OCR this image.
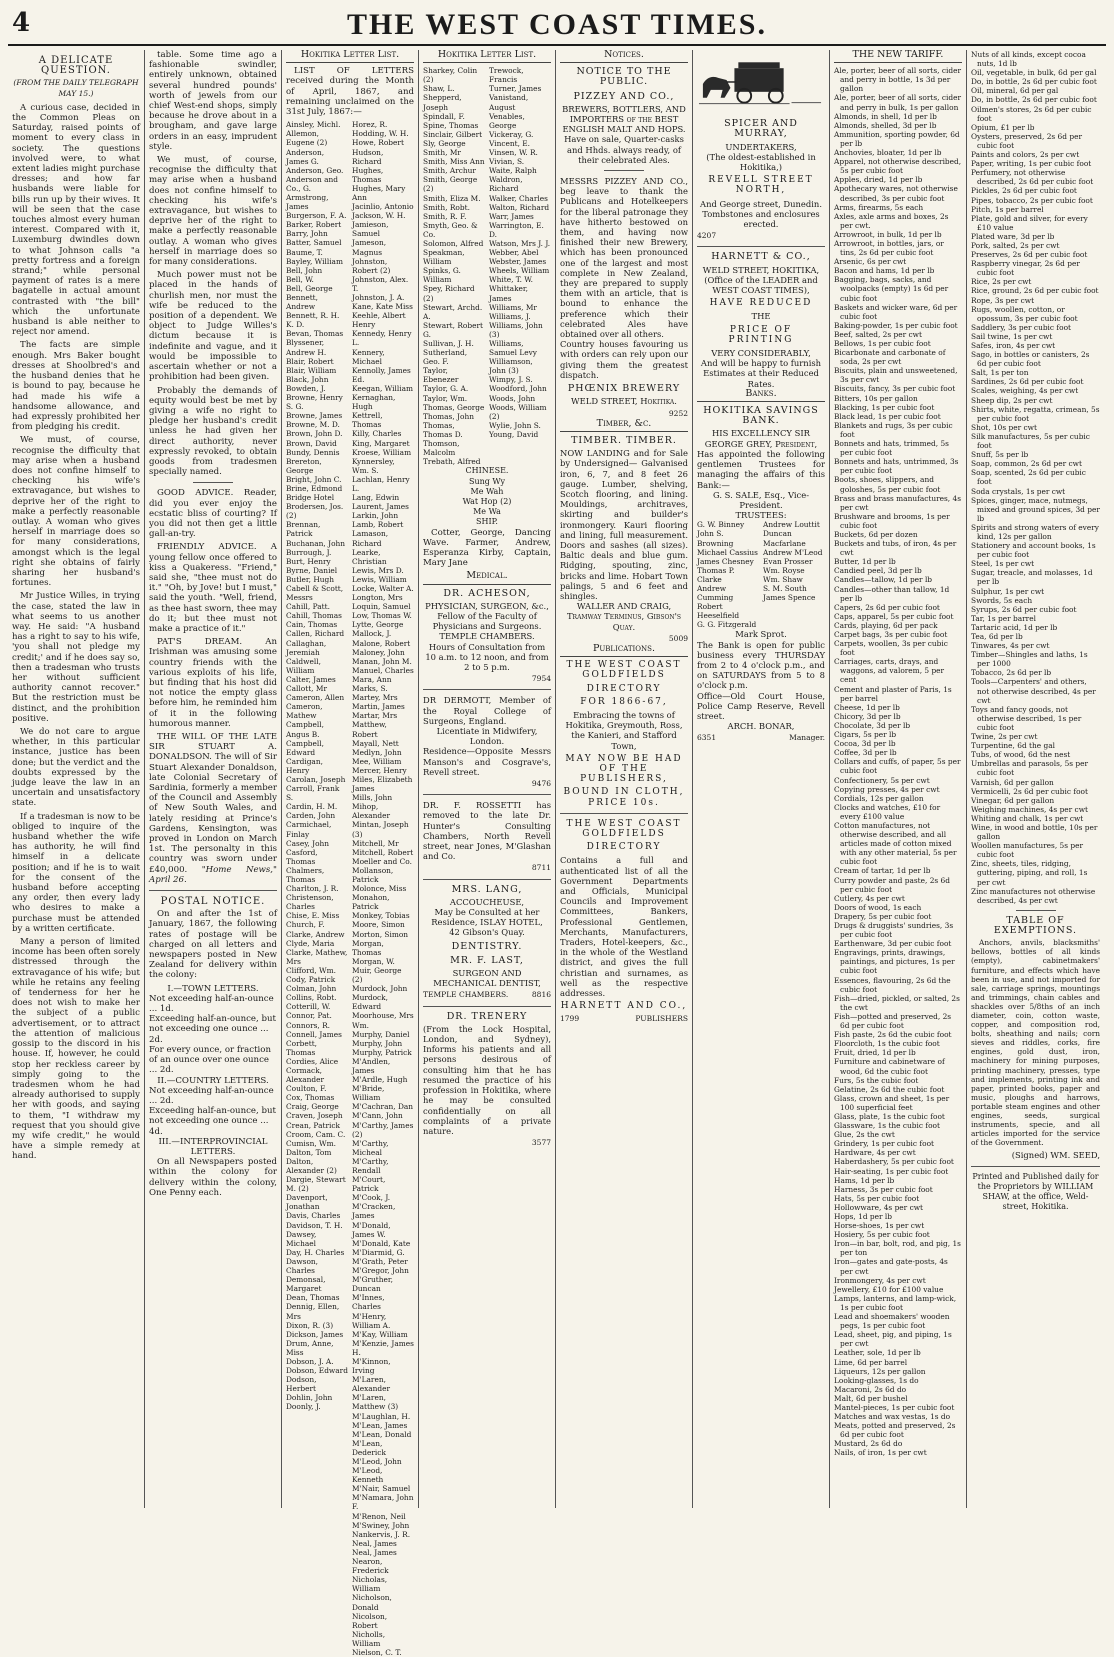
4	THE WEST COAST TIMES.
A DELICATE QUESTION.
(FROM THE DAILY TELEGRAPH MAY 15.)

A curious case, decided in the Common Pleas on Saturday, raised points of moment to every class in society. The questions involved were, to what extent ladies might purchase dresses; and how far husbands were liable for bills run up by their wives. It will be seen that the case touches almost every human interest. Compared with it, Luxemburg dwindles down to what Johnson calls "a pretty fortress and a foreign strand;" while personal payment of rates is a mere bagatelle in actual amount contrasted with "the bill" which the unfortunate husband is able neither to reject nor amend.

The facts are simple enough. Mrs Baker bought dresses at Shoolbred's and the husband denies that he is bound to pay, because he had made his wife a handsome allowance, and had expressly prohibited her from pledging his credit.

We must, of course, recognise the difficulty that may arise when a husband does not confine himself to checking his wife's extravagance, but wishes to deprive her of the right to make a perfectly reasonable outlay. A woman who gives herself in marriage does so for many considerations, amongst which is the legal right she obtains of fairly sharing her husband's fortunes.

Mr Justice Willes, in trying the case, stated the law in what seems to us another way. He said: "A husband has a right to say to his wife, 'you shall not pledge my credit;' and if he does say so, then a tradesman who trusts her without sufficient authority cannot recover." But the restriction must be distinct, and the prohibition positive.

We do not care to argue whether, in this particular instance, justice has been done; but the verdict and the doubts expressed by the judge leave the law in an uncertain and unsatisfactory state.

If a tradesman is now to be obliged to inquire of the husband whether the wife has authority, he will find himself in a delicate position; and if he is to wait for the consent of the husband before accepting any order, then every lady who desires to make a purchase must be attended by a written certificate.

Many a person of limited income has been often sorely distressed through the extravagance of his wife; but while he retains any feeling of tenderness for her he does not wish to make her the subject of a public advertisement, or to attract the attention of malicious gossip to the discord in his house. If, however, he could stop her reckless career by simply going to the tradesmen whom he had already authorised to supply her with goods, and saying to them, "I withdraw my request that you should give my wife credit," he would have a simple remedy at hand.

table. Some time ago a fashionable swindler, entirely unknown, obtained several hundred pounds' worth of jewels from our chief West-end shops, simply because he drove about in a brougham, and gave large orders in an easy, imprudent style.

We must, of course, recognise the difficulty that may arise when a husband does not confine himself to checking his wife's extravagance, but wishes to deprive her of the right to make a perfectly reasonable outlay. A woman who gives herself in marriage does so for many considerations.

Much power must not be placed in the hands of churlish men, nor must the wife be reduced to the position of a dependent. We object to Judge Willes's dictum because it is indefinite and vague, and it would be impossible to ascertain whether or not a prohibition had been given.

Probably the demands of equity would best be met by giving a wife no right to pledge her husband's credit unless he had given her direct authority, never expressly revoked, to obtain goods from tradesmen specially named.

GOOD ADVICE. Reader, did you ever enjoy the ecstatic bliss of courting? If you did not then get a little gall-an-try.

FRIENDLY ADVICE. A young fellow once offered to kiss a Quakeress. "Friend," said she, "thee must not do it." "Oh, by Jove! but I must," said the youth. "Well, friend, as thee hast sworn, thee may do it; but thee must not make a practice of it."

PAT'S DREAM.	An Irishman was amusing some country friends with the various exploits of his life, but finding that his host did not notice the empty glass before him, he reminded him of it in the following humorous manner.

THE WILL OF THE LATE SIR STUART A. DONALDSON. The will of Sir Stuart Alexander Donaldson, late Colonial Secretary of Sardinia, formerly a member of the Council and Assembly of New South Wales, and lately residing at Prince's Gardens, Kensington, was proved in London on March 1st. The personalty in this country was sworn under £40,000. "Home News," April 26.

POSTAL NOTICE.

On and after the 1st of January, 1867, the following rates of postage will be charged on all letters and newspapers posted in New Zealand for delivery within the colony:

I.—TOWN LETTERS.
Not exceeding half-an-ounce ... 1d.
Exceeding half-an-ounce, but not exceeding one ounce ... 2d.
For every ounce, or fraction of an ounce over one ounce ... 2d.
II.—COUNTRY LETTERS.
Not exceeding half-an-ounce ... 2d.
Exceeding half-an-ounce, but not exceeding one ounce ... 4d.
III.—INTERPROVINCIAL LETTERS.

On all Newspapers posted within the colony for delivery within the colony, One Penny each.

Hokitika Letter List.

LIST OF LETTERS received during the Month of April, 1867, and remaining unclaimed on the 31st July, 1867:—

Ainsley, Michl.
Allemon, Eugene (2)
Anderson, James G.
Anderson, Geo.
Anderson and Co., G.
Armstrong, James
Burgerson, F. A.
Barker, Robert
Barry, John
Batter, Samuel
Baume, T.
Bayley, William
Bell, John
Bell, W.
Bell, George
Bennett, Andrew
Bennett, R. H. K. D.
Bevan, Thomas
Blyssener, Andrew H.
Blair, Robert
Blair, William
Black, John
Bowden, J.
Browne, Henry S. G.
Browne, James
Browne, M. D.
Brown, John D.
Brown, David
Bundy, Dennis
Brereton, George
Bright, John C.
Brine, Edmond
Bridge Hotel
Brodersen, Jos. (2)
Brennan, Patrick
Buchanan, John
Burrough, J.
Burt, Henry
Byrne, Daniel
Butler, Hugh
Cabell & Scott, Messrs
Cahill, Patt.
Cahill, Thomas
Cain, Thomas
Callen, Richard
Callaghan, Jeremiah
Caldwell, William
Calter, James
Callott, Mr
Cameron, Allen
Cameron, Mathew
Campbell, Angus B.
Campbell, Edward
Cardigan, Henry
Carolan, Joseph
Carroll, Frank S.
Cardin, H. M.
Carden, John
Carmichael, Finlay
Casey, John
Casford, Thomas
Chalmers, Thomas
Charlton, J. R.
Christenson, Charles
Chise, E. Miss
Church, F.
Clarke, Andrew
Clyde, Maria
Clarke, Mathew, Mrs
Clifford, Wm.
Cody, Patrick
Colman, John
Collins, Robt.
Cotterill, W.
Connor, Pat.
Connors, R.
Connell, James
Corbett, Thomas
Cordies, Alice
Cormack, Alexander
Coulton, F.
Cox, Thomas
Craig, George
Craven, Joseph
Crean, Patrick
Croom, Cam. C.
Cumisn, Wm.
Dalton, Tom
Dalton, Alexander (2)
Dargie, Stewart M. (2)
Davenport, Jonathan
Davis, Charles
Davidson, T. H.
Dawsey, Michael
Day, H. Charles
Dawson, Charles
Demonsal, Margaret
Dean, Thomas
Dennig, Ellen, Mrs
Dixon, R. (3)
Dickson, James
Drum, Anne, Miss
Dobson, J. A.
Dobson, Edward
Dodson, Herbert
Dohlin, John
Doonly, J.
Horez, R.
Hodding, W. H.
Howe, Robert
Hudson, Richard
Hughes, Thomas
Hughes, Mary Ann
Jacinlio, Antonio
Jackson, W. H.
Jamieson, Samuel
Jameson, Magnus
Johnston, Robert (2)
Johnston, Alex. T.
Johnston, J. A.
Kane, Kate Miss
Keehle, Albert Henry
Kennedy, Henry L.
Kennery, Michael
Kennolly, James Ed.
Keegan, William
Kernaghan, Hugh
Kettrell, Thomas
Killy, Charles
King, Margaret
Kroese, William
Kynnersley, Wm. S.
Lachlan, Henry L.
Lang, Edwin
Laurent, James
Larkin, John
Lamb, Robert
Lamason, Richard
Learke, Christian
Lewis, Mrs D.
Lewis, William
Locke, Walter A.
Longton, Mrs
Loquin, Samuel
Low, Thomas W.
Lytte, George
Mallock, J.
Malone, Robert
Maloney, John
Manan, John M.
Manuel, Charles
Mara, Ann
Marks, S.
Martey, Mrs
Martin, James
Martar, Mrs
Matthew, Robert
Mayall, Nett
Medlyn, John
Mee, William
Mercer, Henry
Miles, Elizabeth James
Mills, John
Mihop, Alexander
Mintan, Joseph (3)
Mitchell, Mr
Mitchell, Robert
Moeller and Co.
Mollanson, Patrick
Molonce, Miss
Monahon, Patrick
Monkey, Tobias
Moore, Simon
Morton, Simon
Morgan, Thomas
Morgan, W.
Muir, George (2)
Murdock, John
Murdock, Edward
Moorhouse, Mrs Wm.
Murphy, Daniel
Murphy, John
Murphy, Patrick
M'Andlen, James
M'Ardle, Hugh
M'Bride, William
M'Cachran, Dan
M'Cann, John
M'Carthy, James (2)
M'Carthy, Micheal
M'Carthy, Rendall
M'Court, Patrick
M'Cook, J.
M'Cracken, James
M'Donald, James W.
M'Donald, Kate
M'Diarmid, G.
M'Grath, Peter
M'Gregor, John
M'Gruther, Duncan
M'Innes, Charles
M'Henry, William A.
M'Kay, William
M'Kenzie, James H.
M'Kinnon, Irving
M'Laren, Alexander
M'Laren, Matthew (3)
M'Laughlan, H.
M'Lean, James
M'Lean, Donald
M'Lean, Dederick
M'Leod, John
M'Leod, Kenneth
M'Nair, Samuel
M'Namara, John F.
M'Renon, Neil
M'Swiney, John
Nankervis, J. R.
Neal, James
Neal, James
Nearon, Frederick
Nicholas, William
Nicholson, Donald
Nicolson, Robert
Nicholls, William
Nielson, C. T.
Hokitika Letter List.
Sharkey, Colin (2)
Shaw, L.
Shepperd, Joseph
Spindall, F.
Spine, Thomas
Sinclair, Gilbert
Sly, George
Smith, Mr
Smith, Miss Ann
Smith, Archur
Smith, George (2)
Smith, Eliza M.
Smith, Robt.
Smith, R. F.
Smyth, Geo. & Co.
Solomon, Alfred
Speakman, William
Spinks, G. William
Spey, Richard (2)
Stewart, Archd. A.
Stewart, Robert G.
Sullivan, J. H.
Sutherland, Geo. F.
Taylor, Ebenezer
Taylor, G. A.
Taylor, Wm.
Thomas, George
Thomas, John
Thomas, Thomas D.
Thomson, Malcolm
Trebath, Alfred
Trewock, Francis
Turner, James
Vanistand, August
Venables, George
Vickeray, G.
Vincent, E.
Vinsen, W. R.
Vivian, S.
Waite, Ralph
Waldron, Richard
Walker, Charles
Walton, Richard
Warr, James
Warrington, E. D.
Watson, Mrs J. J.
Webber, Abel
Webster, James
Wheels, William
White, T. W.
Whittaker, James
Williams, Mr
Williams, J.
Williams, John (3)
Williams, Samuel Levy
Williamson, John (3)
Wimpy, J. S.
Woodford, John
Woods, John
Woods, William (2)
Wylie, John S.
Young, David
CHINESE.
Sung Wy
Me Wah
Wat Hop (2)
Me Wa
SHIP.

Cotter, George, Dancing Wave. Farmer, Andrew, Esperanza Kirby, Captain, Mary Jane

Medical.
DR. ACHESON,
PHYSICIAN, SURGEON, &c.,
Fellow of the Faculty of Physicians and Surgeons.
TEMPLE CHAMBERS.
Hours of Consultation from 10 a.m. to 12 noon, and from 2 to 5 p.m.
7954
DR DERMOTT, Member of the Royal College of Surgeons, England.
Licentiate in Midwifery, London.
Residence—Opposite Messrs Manson's and Cosgrave's, Revell street.
9476
DR. F. ROSSETTI has removed to the late Dr. Hunter's Consulting Chambers, North Revell street, near Jones, M'Glashan and Co.
8711
MRS. LANG,
ACCOUCHEUSE,
May be Consulted at her Residence, ISLAY HOTEL,
42 Gibson's Quay.
DENTISTRY.
MR. F. LAST,
SURGEON AND MECHANICAL DENTIST,
TEMPLE CHAMBERS.	8816
DR. TRENERY
(From the Lock Hospital, London, and Sydney), Informs his patients and all persons desirous of consulting him that he has resumed the practice of his profession in Hokitika, where he may be consulted confidentially on all complaints of a private nature.
3577
Notices.
NOTICE TO THE PUBLIC.
PIZZEY AND CO.,
BREWERS, BOTTLERS, AND IMPORTERS of the BEST ENGLISH MALT AND HOPS.
Have on sale, Quarter-casks and Hhds. always ready, of their celebrated Ales.
MESSRS PIZZEY AND CO., beg leave to thank the Publicans and Hotelkeepers for the liberal patronage they have hitherto bestowed on them, and having now finished their new Brewery, which has been pronounced one of the largest and most complete in New Zealand, they are prepared to supply them with an article, that is bound to enhance the preference which their celebrated Ales have obtained over all others.
Country houses favouring us with orders can rely upon our giving them the greatest dispatch.
PHŒNIX BREWERY
WELD STREET, Hokitika.
9252
Timber, &c.
TIMBER. TIMBER.
NOW LANDING and for Sale by Undersigned— Galvanised iron, 6, 7, and 8 feet 26 gauge. Lumber, shelving, Scotch flooring, and lining. Mouldings, architraves, skirting and builder's ironmongery. Kauri flooring and lining, full measurement. Doors and sashes (all sizes). Baltic deals and blue gum. Ridging, spouting, zinc, bricks and lime. Hobart Town palings, 5 and 6 feet and shingles.
WALLER AND CRAIG, Tramway Terminus, Gibson's Quay.
5009
Publications.
THE WEST COAST GOLDFIELDS
DIRECTORY
FOR 1866-67,
Embracing the towns of Hokitika, Greymouth, Ross, the Kanieri, and Stafford Town,
MAY NOW BE HAD OF THE PUBLISHERS,
BOUND IN CLOTH, PRICE 10s.
THE WEST COAST GOLDFIELDS
DIRECTORY
Contains a full and authenticated list of all the Government Departments and Officials, Municipal Councils and Improvement Committees, Bankers, Professional Gentlemen, Merchants, Manufacturers, Traders, Hotel-keepers, &c., in the whole of the Westland district, and gives the full christian and surnames, as well as the respective addresses.
HARNETT AND CO.,
1799	PUBLISHERS
SPICER AND MURRAY,
UNDERTAKERS,
(The oldest-established in Hokitika,)
REVELL STREET NORTH,
And George street, Dunedin.
Tombstones and enclosures erected.
4207
HARNETT & CO.,
WELD STREET, HOKITIKA,
(Office of the LEADER and WEST COAST TIMES),
HAVE REDUCED
THE
PRICE OF PRINTING
VERY CONSIDERABLY,
And will be happy to furnish Estimates at their Reduced Rates.
Banks.
HOKITIKA SAVINGS BANK.
HIS EXCELLENCY SIR GEORGE GREY, President,
Has appointed the following gentlemen Trustees for managing the affairs of this Bank:—
G. S. SALE, Esq., Vice-President.
TRUSTEES:
G. W. Binney
John S. Browning
Michael Cassius
James Chesney
Thomas P. Clarke
Andrew Cumming
Robert Heeselfield
G. G. Fitzgerald
Andrew Louttit
Duncan Macfarlane
Andrew M'Leod
Evan Prosser
Wm. Royse
Wm. Shaw
S. M. South
James Spence
Mark Sprot.
The Bank is open for public business every THURSDAY from 2 to 4 o'clock p.m., and on SATURDAYS from 5 to 8 o'clock p.m.
Office—Old Court House, Police Camp Reserve, Revell street.
ARCH. BONAR,
6351	Manager.
THE NEW TARIFF.
Ale, porter, beer of all sorts, cider and perry in bottle, 1s 3d per gallon
Ale, porter, beer of all sorts, cider and perry in bulk, 1s per gallon
Almonds, in shell, 1d per lb
Almonds, shelled, 3d per lb
Ammunition, sporting powder, 6d per lb
Anchovies, bloater, 1d per lb
Apparel, not otherwise described, 5s per cubic foot
Apples, dried, 1d per lb
Apothecary wares, not otherwise described, 3s per cubic foot
Arms, firearms, 5s each
Axles, axle arms and boxes, 2s per cwt.
Arrowroot, in bulk, 1d per lb
Arrowroot, in bottles, jars, or tins, 2s 6d per cubic foot
Arsenic, 6s per cwt
Bacon and hams, 1d per lb
Bagging, bags, sacks, and woolpacks (empty) 1s 6d per cubic foot
Baskets and wicker ware, 6d per cubic foot
Baking-powder, 1s per cubic foot
Beef, salted, 2s per cwt
Bellows, 1s per cubic foot
Bicarbonate and carbonate of soda, 2s per cwt
Biscuits, plain and unsweetened, 3s per cwt
Biscuits, fancy, 3s per cubic foot
Bitters, 10s per gallon
Blacking, 1s per cubic foot
Black lead, 1s per cubic foot
Blankets and rugs, 3s per cubic foot
Bonnets and hats, trimmed, 5s per cubic foot
Bonnets and hats, untrimmed, 3s per cubic foot
Boots, shoes, slippers, and goloshes, 5s per cubic foot
Brass and brass manufactures, 4s per cwt
Brushware and brooms, 1s per cubic foot
Buckets, 6d per dozen
Buckets and tubs, of iron, 4s per cwt
Butter, 1d per lb
Candied peel, 3d per lb
Candles—tallow, 1d per lb
Candles—other than tallow, 1d per lb
Capers, 2s 6d per cubic foot
Caps, apparel, 5s per cubic foot
Cards, playing, 6d per pack
Carpet bags, 3s per cubic foot
Carpets, woollen, 3s per cubic foot
Carriages, carts, drays, and waggons, ad valorem, 5 per cent
Cement and plaster of Paris, 1s per barrel
Cheese, 1d per lb
Chicory, 3d per lb
Chocolate, 3d per lb
Cigars, 5s per lb
Cocoa, 3d per lb
Coffee, 3d per lb
Collars and cuffs, of paper, 5s per cubic foot
Confectionery, 5s per cwt
Copying presses, 4s per cwt
Cordials, 12s per gallon
Clocks and watches, £10 for every £100 value
Cotton manufactures, not otherwise described, and all articles made of cotton mixed with any other material, 5s per cubic foot
Cream of tartar, 1d per lb
Curry powder and paste, 2s 6d per cubic foot
Cutlery, 4s per cwt
Doors of wood, 1s each
Drapery, 5s per cubic foot
Drugs & druggists' sundries, 3s per cubic foot
Earthenware, 3d per cubic foot
Engravings, prints, drawings, paintings, and pictures, 1s per cubic foot
Essences, flavouring, 2s 6d the cubic foot
Fish—dried, pickled, or salted, 2s the cwt
Fish—potted and preserved, 2s 6d per cubic foot
Fish paste, 2s 6d the cubic foot
Floorcloth, 1s the cubic foot
Fruit, dried, 1d per lb
Furniture and cabinetware of wood, 6d the cubic foot
Furs, 5s the cubic foot
Gelatine, 2s 6d the cubic foot
Glass, crown and sheet, 1s per 100 superficial feet
Glass, plate, 1s the cubic foot
Glassware, 1s the cubic foot
Glue, 2s the cwt
Grindery, 1s per cubic foot
Hardware, 4s per cwt
Haberdashery, 5s per cubic foot
Hair-seating, 1s per cubic foot
Hams, 1d per lb
Harness, 3s per cubic foot
Hats, 5s per cubic foot
Hollowware, 4s per cwt
Hops, 1d per lb
Horse-shoes, 1s per cwt
Hosiery, 5s per cubic foot
Iron—in bar, bolt, rod, and pig, 1s per ton
Iron—gates and gate-posts, 4s per cwt
Ironmongery, 4s per cwt
Jewellery, £10 for £100 value
Lamps, lanterns, and lamp-wick, 1s per cubic foot
Lead and shoemakers' wooden pegs, 1s per cubic foot
Lead, sheet, pig, and piping, 1s per cwt
Leather, sole, 1d per lb
Lime, 6d per barrel
Liqueurs, 12s per gallon
Looking-glasses, 1s do
Macaroni, 2s 6d do
Malt, 6d per bushel
Mantel-pieces, 1s per cubic foot
Matches and wax vestas, 1s do
Meats, potted and preserved, 2s 6d per cubic foot
Mustard, 2s 6d do
Nails, of iron, 1s per cwt
Nuts of all kinds, except cocoa nuts, 1d lb
Oil, vegetable, in bulk, 6d per gal
Do, in bottle, 2s 6d per cubic foot
Oil, mineral, 6d per gal
Do, in bottle, 2s 6d per cubic foot
Oilmen's stores, 2s 6d per cubic foot
Opium, £1 per lb
Oysters, preserved, 2s 6d per cubic foot
Paints and colors, 2s per cwt
Paper, writing, 1s per cubic foot
Perfumery, not otherwise described, 2s 6d per cubic foot
Pickles, 2s 6d per cubic foot
Pipes, tobacco, 2s per cubic foot
Pitch, 1s per barrel
Plate, gold and silver, for every £10 value
Plated ware, 3d per lb
Pork, salted, 2s per cwt
Preserves, 2s 6d per cubic foot
Raspberry vinegar, 2s 6d per cubic foot
Rice, 2s per cwt
Rice, ground, 2s 6d per cubic foot
Rope, 3s per cwt
Rugs, woollen, cotton, or opossum, 3s per cubic foot
Saddlery, 3s per cubic foot
Sail twine, 1s per cwt
Safes, iron, 4s per cwt
Sago, in bottles or canisters, 2s 6d per cubic foot
Salt, 1s per ton
Sardines, 2s 6d per cubic foot
Scales, weighing, 4s per cwt
Sheep dip, 2s per cwt
Shirts, white, regatta, crimean, 5s per cubic foot
Shot, 10s per cwt
Silk manufactures, 5s per cubic foot
Snuff, 5s per lb
Soap, common, 2s 6d per cwt
Soap, scented, 2s 6d per cubic foot
Soda crystals, 1s per cwt
Spices, ginger, mace, nutmegs, mixed and ground spices, 3d per lb
Spirits and strong waters of every kind, 12s per gallon
Stationery and account books, 1s per cubic foot
Steel, 1s per cwt
Sugar, treacle, and molasses, 1d per lb
Sulphur, 1s per cwt
Swords, 5s each
Syrups, 2s 6d per cubic foot
Tar, 1s per barrel
Tartaric acid, 1d per lb
Tea, 6d per lb
Tinwares, 4s per cwt
Timber—Shingles and laths, 1s per 1000
Tobacco, 2s 6d per lb
Tools—Carpenters' and others, not otherwise described, 4s per cwt
Toys and fancy goods, not otherwise described, 1s per cubic foot
Twine, 2s per cwt
Turpentine, 6d the gal
Tubs, of wood, 6d the nest
Umbrellas and parasols, 5s per cubic foot
Varnish, 6d per gallon
Vermicelli, 2s 6d per cubic foot
Vinegar, 6d per gallon
Weighing machines, 4s per cwt
Whiting and chalk, 1s per cwt
Wine, in wood and bottle, 10s per gallon
Woollen manufactures, 5s per cubic foot
Zinc, sheets, tiles, ridging, guttering, piping, and roll, 1s per cwt
Zinc manufactures not otherwise described, 4s per cwt
TABLE OF EXEMPTIONS.

Anchors, anvils, blacksmiths' bellows, bottles of all kinds (empty), cabinetmakers' furniture, and effects which have been in use, and not imported for sale, carriage springs, mountings and trimmings, chain cables and shackles over 5/8ths of an inch diameter, coin, cotton waste, copper, and composition rod, bolts, sheathing and nails; corn sieves and riddles, corks, fire engines, gold dust, iron, machinery for mining purposes, printing machinery, presses, type and implements, printing ink and paper, printed books, paper and music, ploughs and harrows, portable steam engines and other engines, seeds, surgical instruments, specie, and all articles imported for the service of the Government.

(Signed) WM. SEED,
Printed and Published daily for the Proprietors by WILLIAM SHAW, at the office, Weld-street, Hokitika.
